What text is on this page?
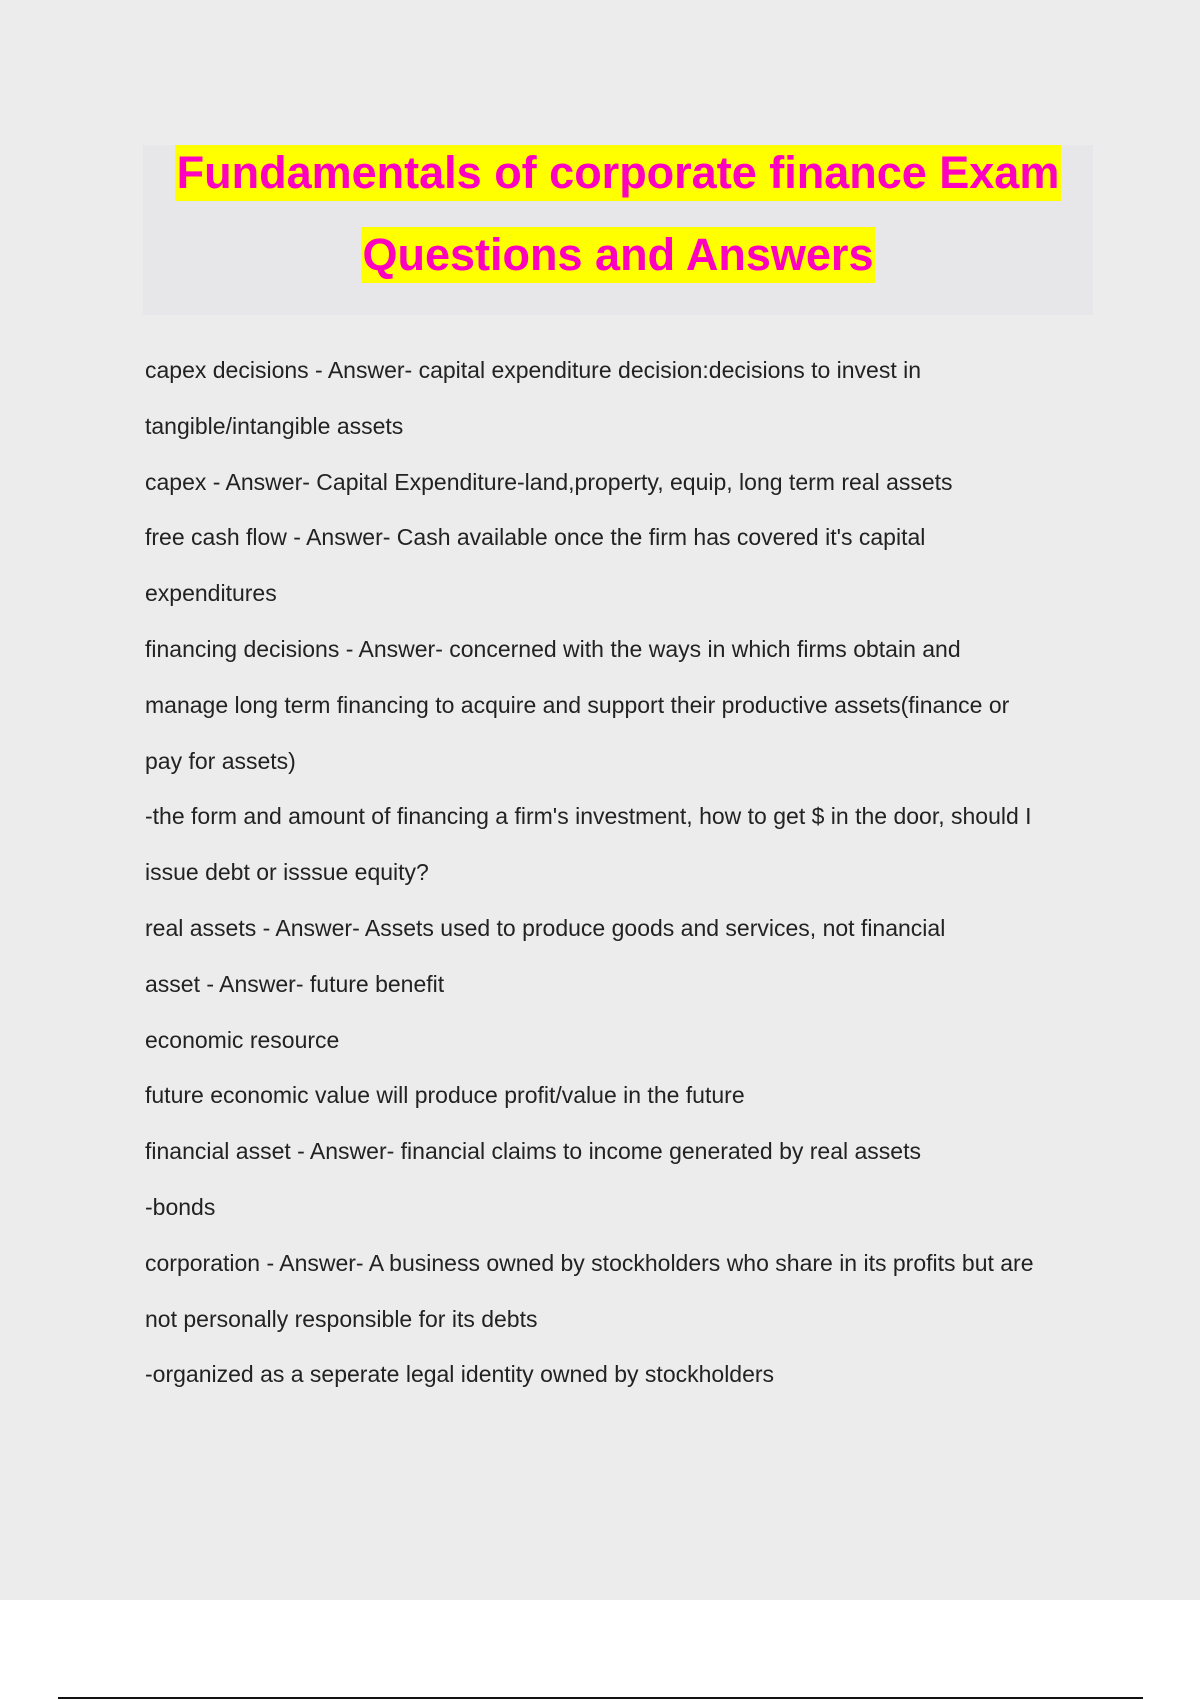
Fundamentals of corporate finance Exam
Questions and Answers
capex decisions - Answer- capital expenditure decision:decisions to invest in
tangible/intangible assets
capex - Answer- Capital Expenditure-land,property, equip, long term real assets
free cash flow - Answer- Cash available once the firm has covered it's capital
expenditures
financing decisions - Answer- concerned with the ways in which firms obtain and
manage long term financing to acquire and support their productive assets(finance or
pay for assets)
-the form and amount of financing a firm's investment, how to get $ in the door, should I
issue debt or isssue equity?
real assets - Answer- Assets used to produce goods and services, not financial
asset - Answer- future benefit
economic resource
future economic value will produce profit/value in the future
financial asset - Answer- financial claims to income generated by real assets
-bonds
corporation - Answer- A business owned by stockholders who share in its profits but are
not personally responsible for its debts
-organized as a seperate legal identity owned by stockholders
